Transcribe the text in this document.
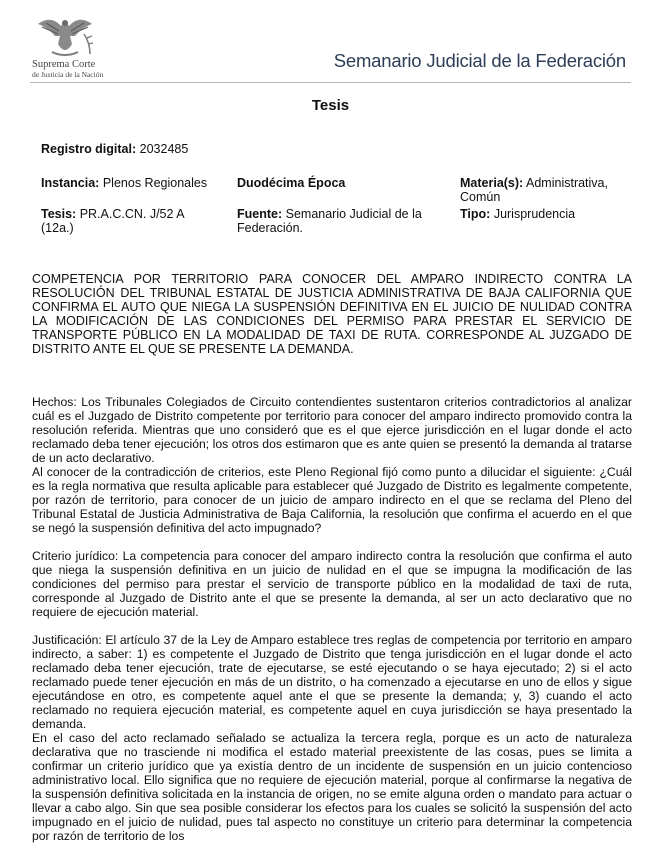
Suprema Corte
de Justicia de la Nación
Semanario Judicial de la Federación
Tesis
Registro digital: 2032485
Instancia: Plenos Regionales	Duodécima Época	Materia(s): Administrativa, Común
Tesis: PR.A.C.CN. J/52 A (12a.)
Fuente: Semanario Judicial de la Federación.
Tipo: Jurisprudencia
COMPETENCIA POR TERRITORIO PARA CONOCER DEL AMPARO INDIRECTO CONTRA LA RESOLUCIÓN DEL TRIBUNAL ESTATAL DE JUSTICIA ADMINISTRATIVA DE BAJA CALIFORNIA QUE CONFIRMA EL AUTO QUE NIEGA LA SUSPENSIÓN DEFINITIVA EN EL JUICIO DE NULIDAD CONTRA LA MODIFICACIÓN DE LAS CONDICIONES DEL PERMISO PARA PRESTAR EL SERVICIO DE TRANSPORTE PÚBLICO EN LA MODALIDAD DE TAXI DE RUTA. CORRESPONDE AL JUZGADO DE DISTRITO ANTE EL QUE SE PRESENTE LA DEMANDA.

Hechos: Los Tribunales Colegiados de Circuito contendientes sustentaron criterios contradictorios al analizar cuál es el Juzgado de Distrito competente por territorio para conocer del amparo indirecto promovido contra la resolución referida. Mientras que uno consideró que es el que ejerce jurisdicción en el lugar donde el acto reclamado deba tener ejecución; los otros dos estimaron que es ante quien se presentó la demanda al tratarse de un acto declarativo.

Al conocer de la contradicción de criterios, este Pleno Regional fijó como punto a dilucidar el siguiente: ¿Cuál es la regla normativa que resulta aplicable para establecer qué Juzgado de Distrito es legalmente competente, por razón de territorio, para conocer de un juicio de amparo indirecto en el que se reclama del Pleno del Tribunal Estatal de Justicia Administrativa de Baja California, la resolución que confirma el acuerdo en el que se negó la suspensión definitiva del acto impugnado?

Criterio jurídico: La competencia para conocer del amparo indirecto contra la resolución que confirma el auto que niega la suspensión definitiva en un juicio de nulidad en el que se impugna la modificación de las condiciones del permiso para prestar el servicio de transporte público en la modalidad de taxi de ruta, corresponde al Juzgado de Distrito ante el que se presente la demanda, al ser un acto declarativo que no requiere de ejecución material.

Justificación: El artículo 37 de la Ley de Amparo establece tres reglas de competencia por territorio en amparo indirecto, a saber: 1) es competente el Juzgado de Distrito que tenga jurisdicción en el lugar donde el acto reclamado deba tener ejecución, trate de ejecutarse, se esté ejecutando o se haya ejecutado; 2) si el acto reclamado puede tener ejecución en más de un distrito, o ha comenzado a ejecutarse en uno de ellos y sigue ejecutándose en otro, es competente aquel ante el que se presente la demanda; y, 3) cuando el acto reclamado no requiera ejecución material, es competente aquel en cuya jurisdicción se haya presentado la demanda.

En el caso del acto reclamado señalado se actualiza la tercera regla, porque es un acto de naturaleza declarativa que no trasciende ni modifica el estado material preexistente de las cosas, pues se limita a confirmar un criterio jurídico que ya existía dentro de un incidente de suspensión en un juicio contencioso administrativo local. Ello significa que no requiere de ejecución material, porque al confirmarse la negativa de la suspensión definitiva solicitada en la instancia de origen, no se emite alguna orden o mandato para actuar o llevar a cabo algo. Sin que sea posible considerar los efectos para los cuales se solicitó la suspensión del acto impugnado en el juicio de nulidad, pues tal aspecto no constituye un criterio para determinar la competencia por razón de territorio de los
